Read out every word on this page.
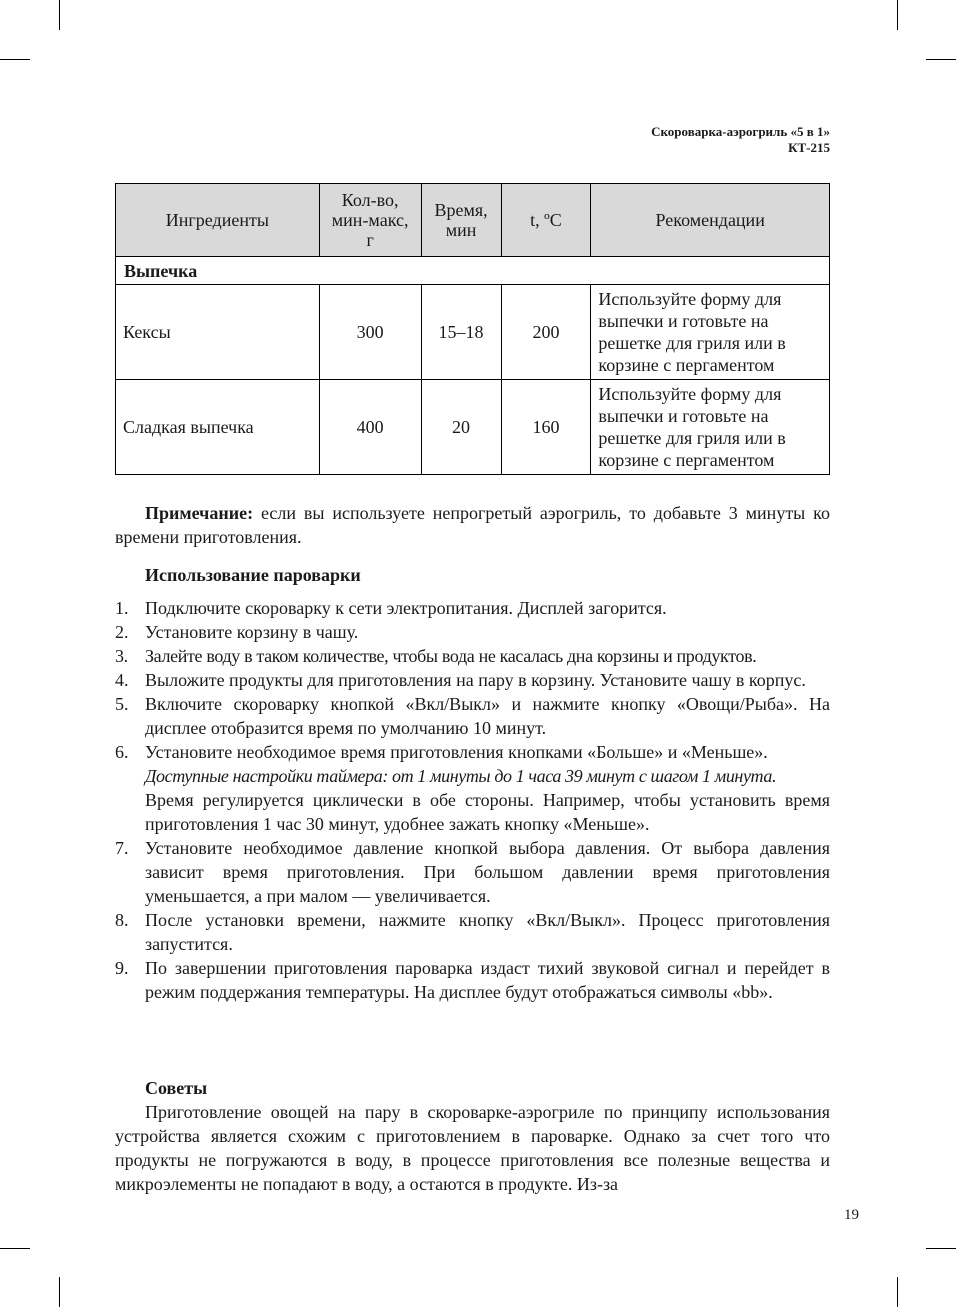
Скороварка-аэрогриль «5 в 1»
КТ-215
Ингредиенты	Кол-во, мин-макс, г	Время, мин	t, ºС	Рекомендации
Выпечка				
Кексы	300	15–18	200	Используйте форму для выпечки и готовьте на решетке для гриля или в корзине с пергаментом
Сладкая выпечка	400	20	160	Используйте форму для выпечки и готовьте на решетке для гриля или в корзине с пергаментом

Примечание: если вы используете непрогретый аэрогриль, то добавьте 3 минуты ко времени приготовления.

Использование пароварки

1. Подключите скороварку к сети электропитания. Дисплей загорится.
2. Установите корзину в чашу.
3. Залейте воду в таком количестве, чтобы вода не касалась дна корзины и продуктов.
4. Выложите продукты для приготовления на пару в корзину. Установите чашу в корпус.
5. Включите скороварку кнопкой «Вкл/Выкл» и нажмите кнопку «Овощи/Рыба». На дисплее отобразится время по умолчанию 10 минут.
6. Установите необходимое время приготовления кнопками «Больше» и «Меньше».
Доступные настройки таймера: от 1 минуты до 1 часа 39 минут с шагом 1 минута.
Время регулируется циклически в обе стороны. Например, чтобы установить время приготовления 1 час 30 минут, удобнее зажать кнопку «Меньше».
7. Установите необходимое давление кнопкой выбора давления. От выбора давления зависит время приготовления. При большом давлении время приготовления уменьшается, а при малом — увеличивается.
8. После установки времени, нажмите кнопку «Вкл/Выкл». Процесс приготовления запустится.
9. По завершении приготовления пароварка издаст тихий звуковой сигнал и перейдет в режим поддержания температуры. На дисплее будут отображаться символы «bb».

Советы

Приготовление овощей на пару в скороварке-аэрогриле по принципу использования устройства является схожим с приготовлением в пароварке. Однако за счет того что продукты не погружаются в воду, в процессе приготовления все полезные вещества и микроэлементы не попадают в воду, а остаются в продукте. Из-за

19
